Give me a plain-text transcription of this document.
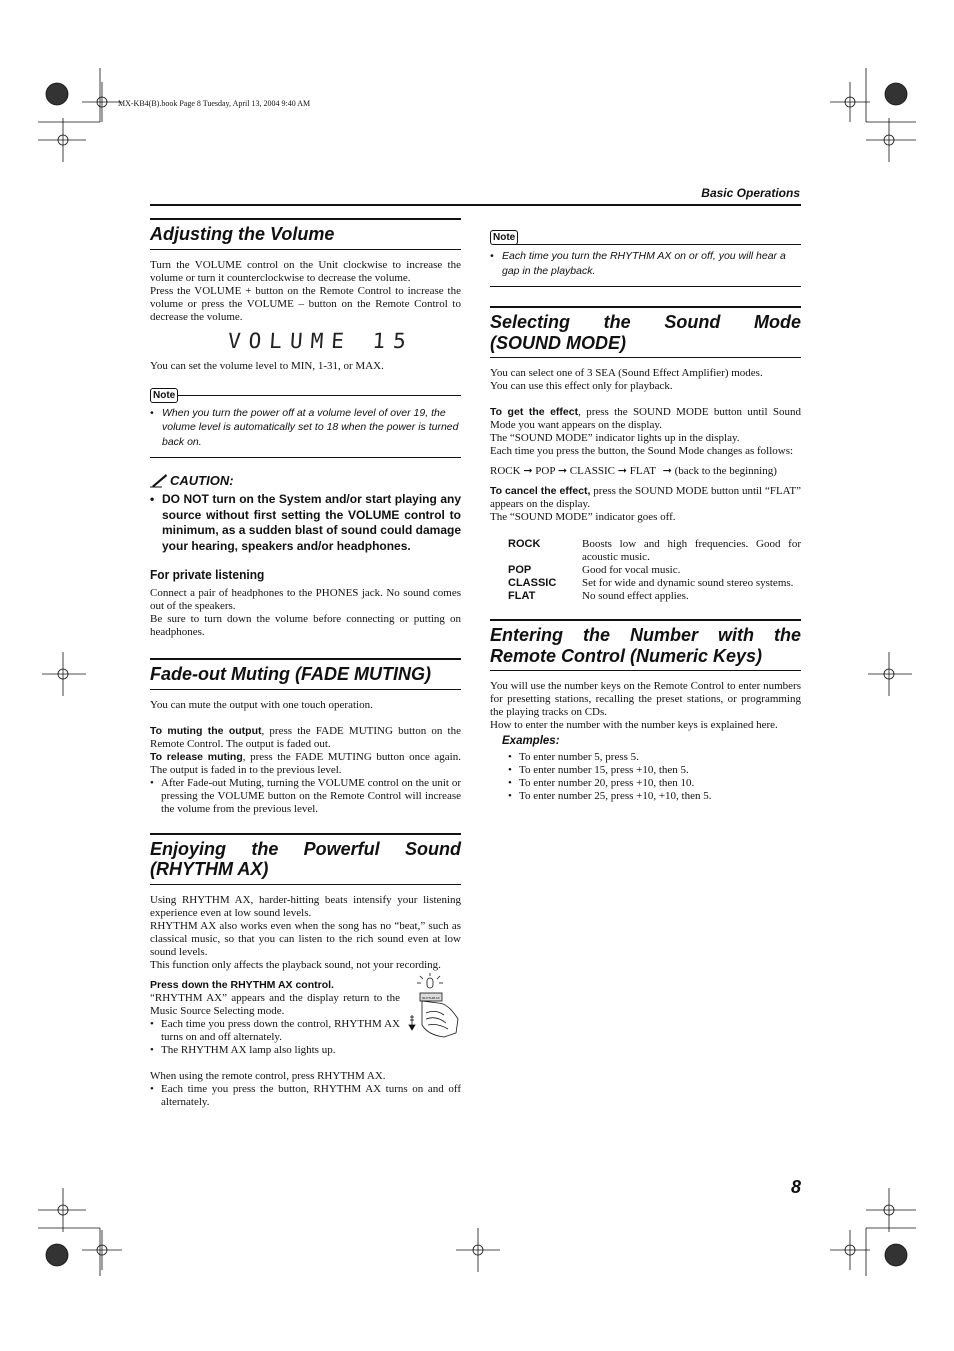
MX-KB4(B).book Page 8 Tuesday, April 13, 2004 9:40 AM
Basic Operations
Adjusting the Volume

Turn the VOLUME control on the Unit clockwise to increase the volume or turn it counterclockwise to decrease the volume.

Press the VOLUME + button on the Remote Control to increase the volume or press the VOLUME – button on the Remote Control to decrease the volume.

VOLUME 15

You can set the volume level to MIN, 1-31, or MAX.

Note
• When you turn the power off at a volume level of over 19, the volume level is automatically set to 18 when the power is turned back on.

CAUTION:
• DO NOT turn on the System and/or start playing any source without first setting the VOLUME control to minimum, as a sudden blast of sound could damage your hearing, speakers and/or headphones.

For private listening

Connect a pair of headphones to the PHONES jack. No sound comes out of the speakers.

Be sure to turn down the volume before connecting or putting on headphones.

Fade-out Muting (FADE MUTING)

You can mute the output with one touch operation.

To muting the output, press the FADE MUTING button on the Remote Control. The output is faded out.

To release muting, press the FADE MUTING button once again. The output is faded in to the previous level.

• After Fade-out Muting, turning the VOLUME control on the unit or pressing the VOLUME button on the Remote Control will increase the volume from the previous level.
Enjoying the Powerful Sound
(RHYTHM AX)

Using RHYTHM AX, harder-hitting beats intensify your listening experience even at low sound levels.

RHYTHM AX also works even when the song has no “beat,” such as classical music, so that you can listen to the rich sound even at low sound levels.

This function only affects the playback sound, not your recording.

Press down the RHYTHM AX control.

“RHYTHM AX” appears and the display return to the Music Source Selecting mode.

• Each time you press down the control, RHYTHM AX turns on and off alternately.
• The RHYTHM AX lamp also lights up.
RHYTHM AX

When using the remote control, press RHYTHM AX.

• Each time you press the button, RHYTHM AX turns on and off alternately.
Note
• Each time you turn the RHYTHM AX on or off, you will hear a gap in the playback.

Selecting the Sound Mode
(SOUND MODE)

You can select one of 3 SEA (Sound Effect Amplifier) modes.

You can use this effect only for playback.

To get the effect, press the SOUND MODE button until Sound Mode you want appears on the display.

The “SOUND MODE” indicator lights up in the display.

Each time you press the button, the Sound Mode changes as follows:

ROCK ➞ POP ➞ CLASSIC ➞ FLAT ➞ (back to the beginning)

To cancel the effect, press the SOUND MODE button until “FLAT” appears on the display.

The “SOUND MODE” indicator goes off.

ROCK	Boosts low and high frequencies. Good for acoustic music.
POP	Good for vocal music.
CLASSIC	Set for wide and dynamic sound stereo systems.
FLAT	No sound effect applies.
Entering the Number with the
Remote Control (Numeric Keys)

You will use the number keys on the Remote Control to enter numbers for presetting stations, recalling the preset stations, or programming the playing tracks on CDs.

How to enter the number with the number keys is explained here.

Examples:
• To enter number 5, press 5.
• To enter number 15, press +10, then 5.
• To enter number 20, press +10, then 10.
• To enter number 25, press +10, +10, then 5.
8
